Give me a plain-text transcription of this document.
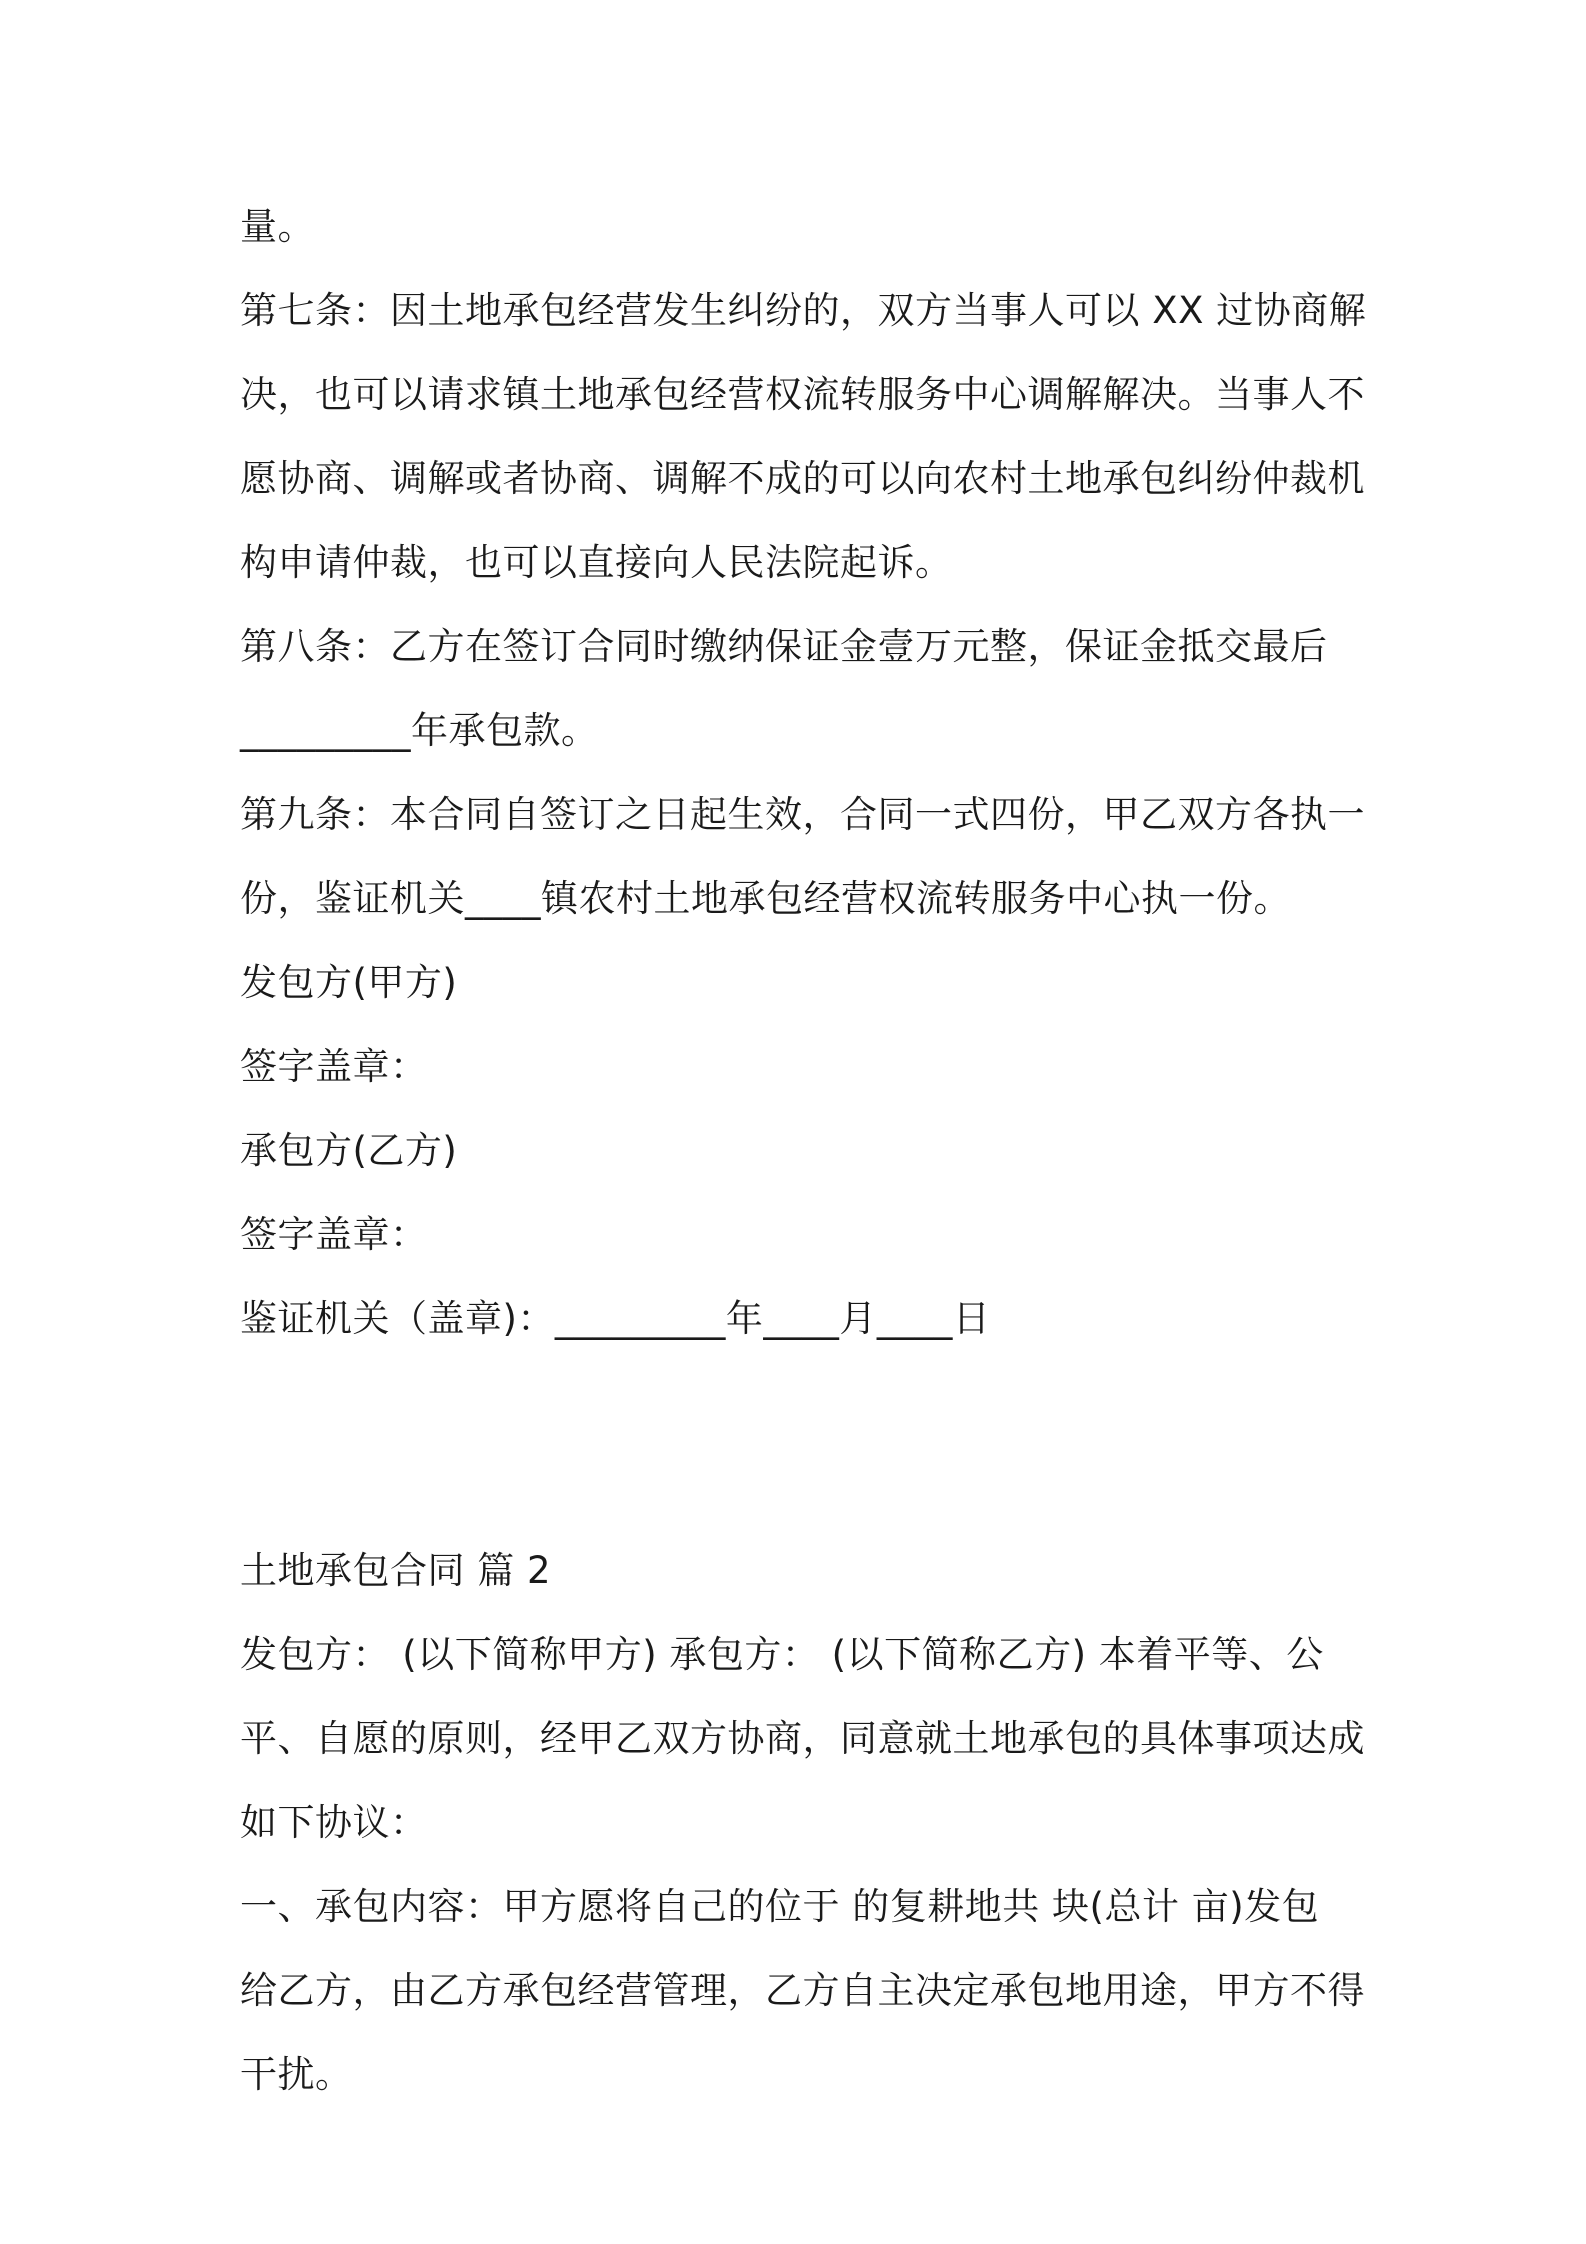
量。

第七条：因土地承包经营发生纠纷的，双方当事人可以 XX 过协商解

决，也可以请求镇土地承包经营权流转服务中心调解解决。当事人不

愿协商、调解或者协商、调解不成的可以向农村土地承包纠纷仲裁机

构申请仲裁，也可以直接向人民法院起诉。

第八条：乙方在签订合同时缴纳保证金壹万元整，保证金抵交最后

_________年承包款。

第九条：本合同自签订之日起生效，合同一式四份，甲乙双方各执一

份，鉴证机关____镇农村土地承包经营权流转服务中心执一份。

发包方(甲方)

签字盖章：

承包方(乙方)

签字盖章：

鉴证机关（盖章)：_________年____月____日

土地承包合同 篇 2

发包方： (以下简称甲方) 承包方： (以下简称乙方) 本着平等、公

平、自愿的原则，经甲乙双方协商，同意就土地承包的具体事项达成

如下协议：

一、承包内容：甲方愿将自己的位于 的复耕地共 块(总计 亩)发包

给乙方，由乙方承包经营管理，乙方自主决定承包地用途，甲方不得

干扰。
